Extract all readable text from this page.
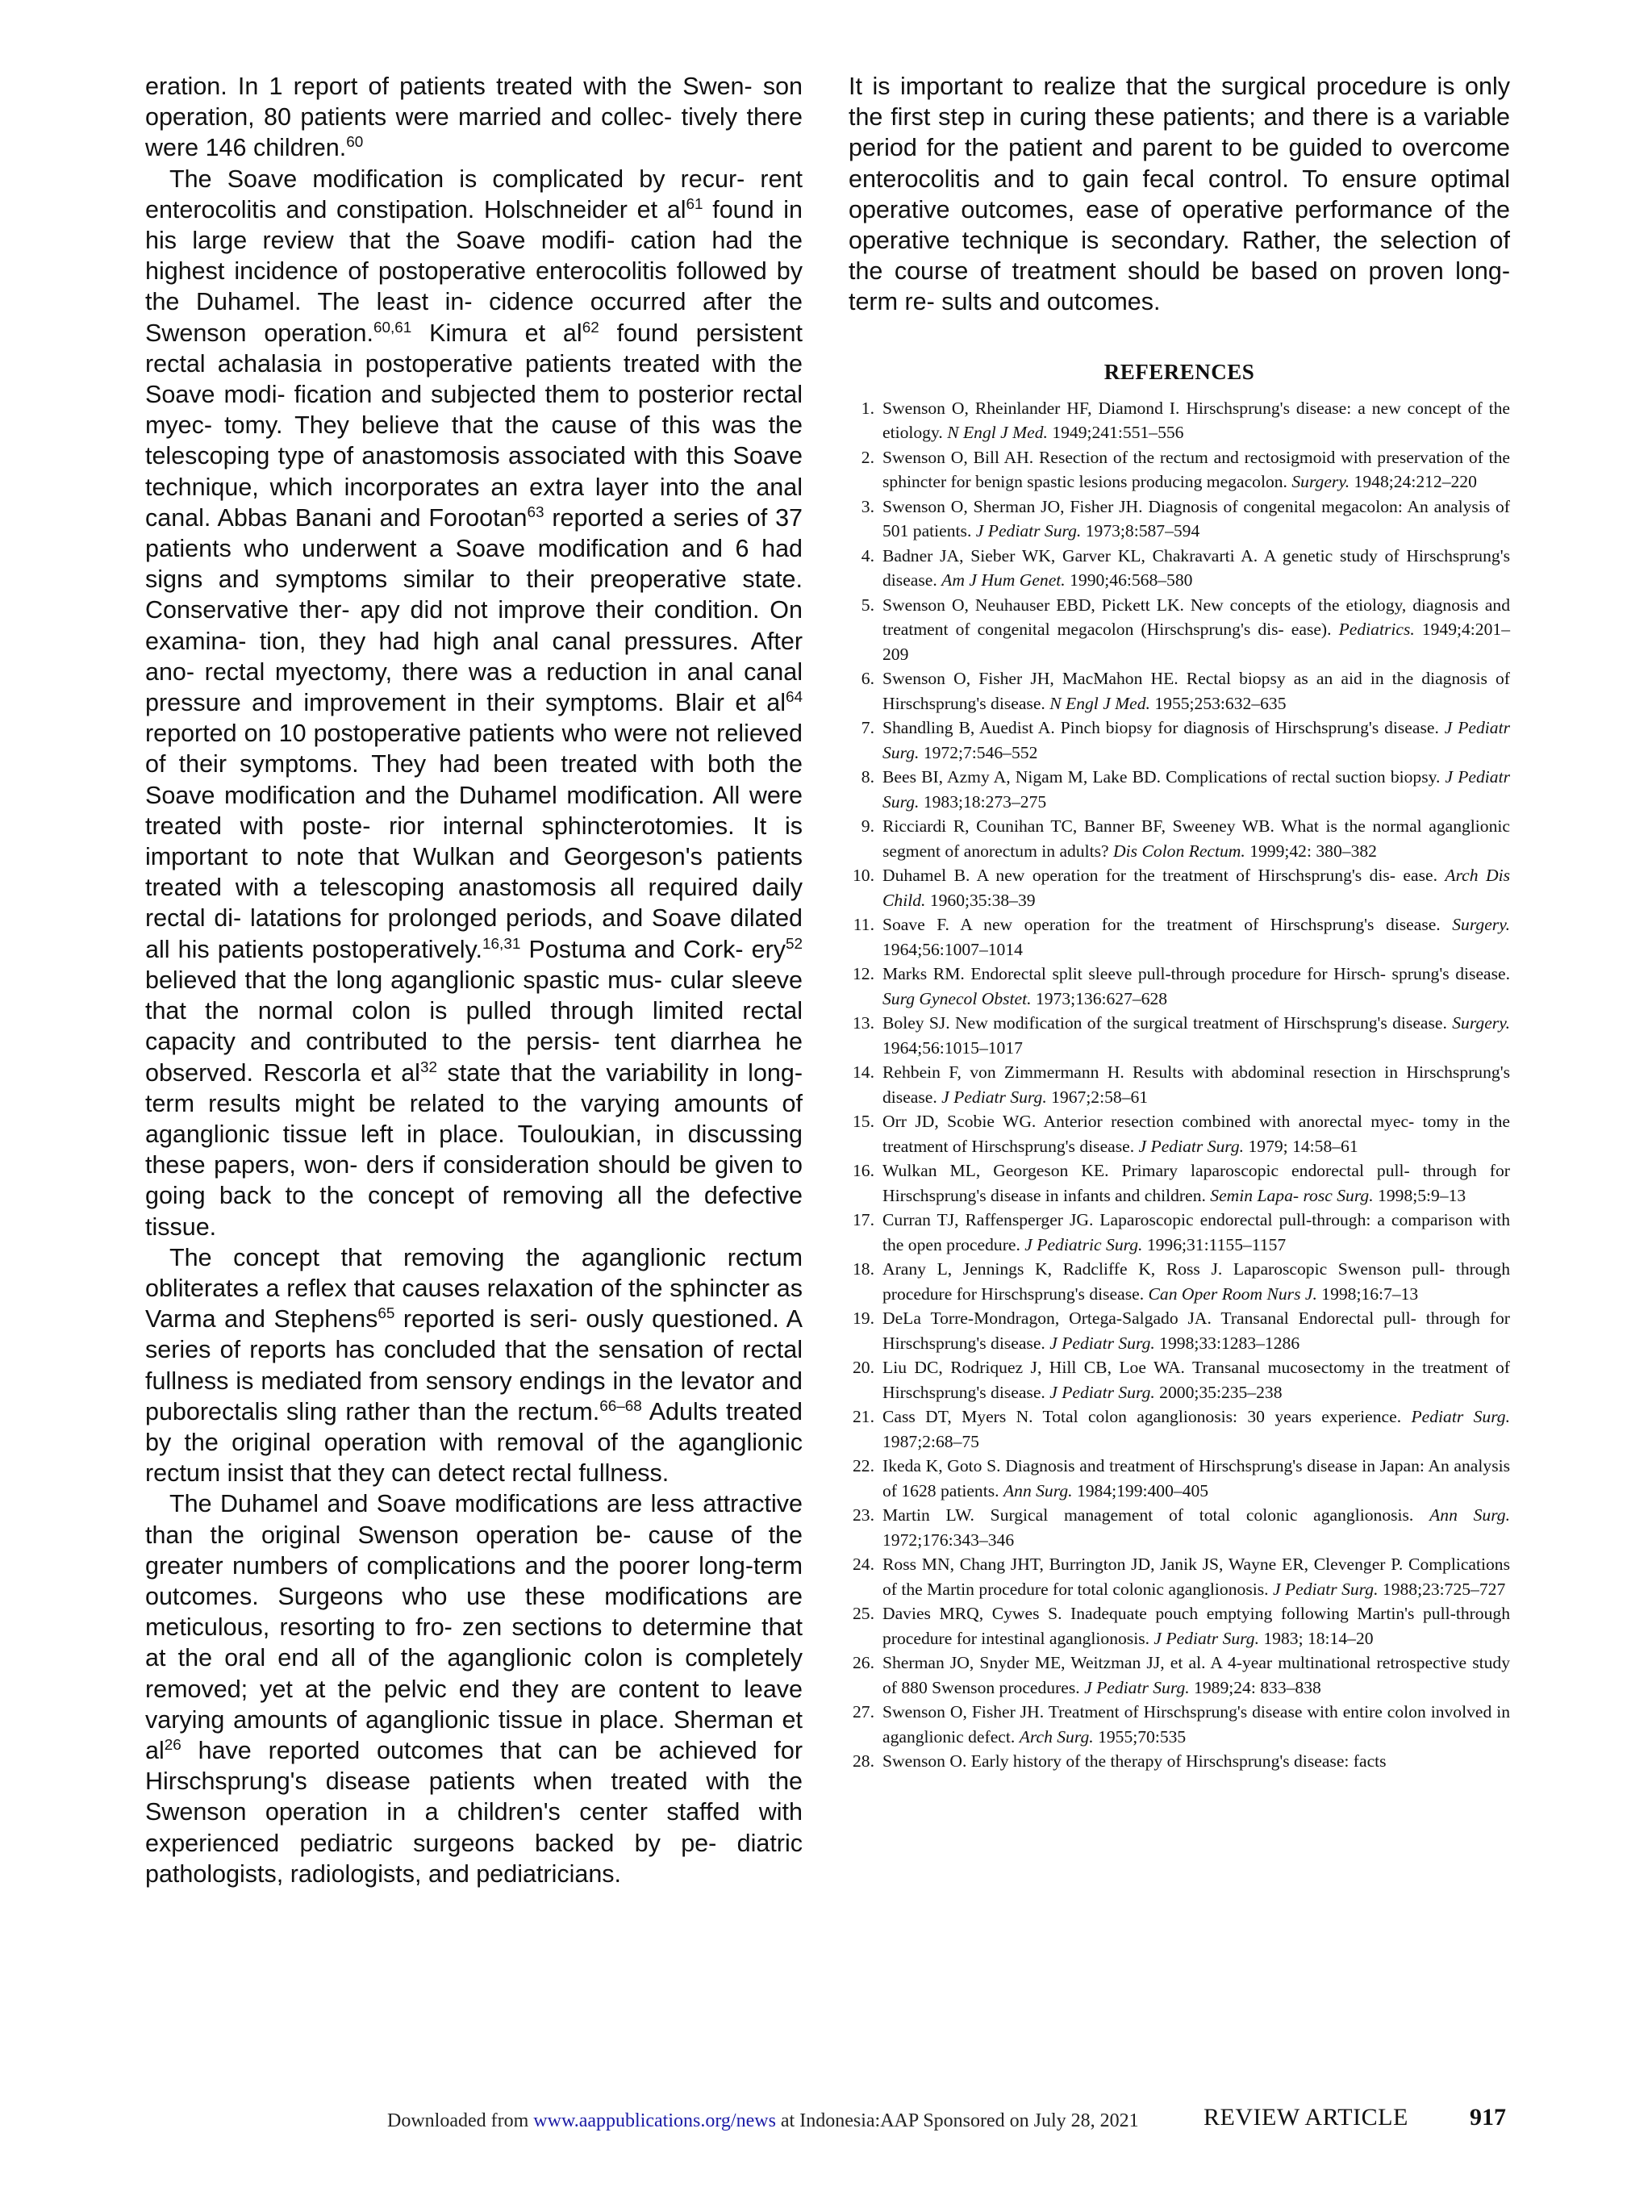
eration. In 1 report of patients treated with the Swen- son operation, 80 patients were married and collec- tively there were 146 children.$^{60}$

The Soave modification is complicated by recur- rent enterocolitis and constipation. Holschneider et $al^{61}$ found in his large review that the Soave modifi- cation had the highest incidence of postoperative enterocolitis followed by the Duhamel. The least in- cidence occurred after the Swenson operation.$^{60,61}$ Kimura et $al^{62}$ found persistent rectal achalasia in postoperative patients treated with the Soave modi- fication and subjected them to posterior rectal myec- tomy. They believe that the cause of this was the telescoping type of anastomosis associated with this Soave technique, which incorporates an extra layer into the anal canal. Abbas Banani and Forootan$^{63}$ reported a series of 37 patients who underwent a Soave modification and 6 had signs and symptoms similar to their preoperative state. Conservative ther- apy did not improve their condition. On examina- tion, they had high anal canal pressures. After ano- rectal myectomy, there was a reduction in anal canal pressure and improvement in their symptoms. Blair et $al^{64}$ reported on 10 postoperative patients who were not relieved of their symptoms. They had been treated with both the Soave modification and the Duhamel modification. All were treated with poste- rior internal sphincterotomies. It is important to note that Wulkan and Georgeson's patients treated with a telescoping anastomosis all required daily rectal di- latations for prolonged periods, and Soave dilated all his patients postoperatively.$^{16,31}$ Postuma and Cork- ery$^{52}$ believed that the long aganglionic spastic mus- cular sleeve that the normal colon is pulled through limited rectal capacity and contributed to the persis- tent diarrhea he observed. Rescorla et $al^{32}$ state that the variability in long-term results might be related to the varying amounts of aganglionic tissue left in place. Touloukian, in discussing these papers, won- ders if consideration should be given to going back to the concept of removing all the defective tissue.

The concept that removing the aganglionic rectum obliterates a reflex that causes relaxation of the sphincter as Varma and Stephens$^{65}$ reported is seri- ously questioned. A series of reports has concluded that the sensation of rectal fullness is mediated from sensory endings in the levator and puborectalis sling rather than the rectum.$^{66-68}$ Adults treated by the original operation with removal of the aganglionic rectum insist that they can detect rectal fullness.

The Duhamel and Soave modifications are less attractive than the original Swenson operation be- cause of the greater numbers of complications and the poorer long-term outcomes. Surgeons who use these modifications are meticulous, resorting to fro- zen sections to determine that at the oral end all of the aganglionic colon is completely removed; yet at the pelvic end they are content to leave varying amounts of aganglionic tissue in place. Sherman et $al^{26}$ have reported outcomes that can be achieved for Hirschsprung's disease patients when treated with the Swenson operation in a children's center staffed with experienced pediatric surgeons backed by pe- diatric pathologists, radiologists, and pediatricians.

It is important to realize that the surgical procedure is only the first step in curing these patients; and there is a variable period for the patient and parent to be guided to overcome enterocolitis and to gain fecal control. To ensure optimal operative outcomes, ease of operative performance of the operative technique is secondary. Rather, the selection of the course of treatment should be based on proven long-term re- sults and outcomes.

REFERENCES
1. Swenson O, Rheinlander HF, Diamond I. Hirschsprung's disease: a new concept of the etiology. N Engl J Med. 1949;241:551–556
2. Swenson O, Bill AH. Resection of the rectum and rectosigmoid with preservation of the sphincter for benign spastic lesions producing megacolon. Surgery. 1948;24:212–220
3. Swenson O, Sherman JO, Fisher JH. Diagnosis of congenital megacolon: An analysis of 501 patients. J Pediatr Surg. 1973;8:587–594
4. Badner JA, Sieber WK, Garver KL, Chakravarti A. A genetic study of Hirschsprung's disease. Am J Hum Genet. 1990;46:568–580
5. Swenson O, Neuhauser EBD, Pickett LK. New concepts of the etiology, diagnosis and treatment of congenital megacolon (Hirschsprung's dis- ease). Pediatrics. 1949;4:201–209
6. Swenson O, Fisher JH, MacMahon HE. Rectal biopsy as an aid in the diagnosis of Hirschsprung's disease. N Engl J Med. 1955;253:632–635
7. Shandling B, Auedist A. Pinch biopsy for diagnosis of Hirschsprung's disease. J Pediatr Surg. 1972;7:546–552
8. Bees BI, Azmy A, Nigam M, Lake BD. Complications of rectal suction biopsy. J Pediatr Surg. 1983;18:273–275
9. Ricciardi R, Counihan TC, Banner BF, Sweeney WB. What is the normal aganglionic segment of anorectum in adults? Dis Colon Rectum. 1999;42: 380–382
10. Duhamel B. A new operation for the treatment of Hirschsprung's dis- ease. Arch Dis Child. 1960;35:38–39
11. Soave F. A new operation for the treatment of Hirschsprung's disease. Surgery. 1964;56:1007–1014
12. Marks RM. Endorectal split sleeve pull-through procedure for Hirsch- sprung's disease. Surg Gynecol Obstet. 1973;136:627–628
13. Boley SJ. New modification of the surgical treatment of Hirschsprung's disease. Surgery. 1964;56:1015–1017
14. Rehbein F, von Zimmermann H. Results with abdominal resection in Hirschsprung's disease. J Pediatr Surg. 1967;2:58–61
15. Orr JD, Scobie WG. Anterior resection combined with anorectal myec- tomy in the treatment of Hirschsprung's disease. J Pediatr Surg. 1979; 14:58–61
16. Wulkan ML, Georgeson KE. Primary laparoscopic endorectal pull- through for Hirschsprung's disease in infants and children. Semin Lapa- rosc Surg. 1998;5:9–13
17. Curran TJ, Raffensperger JG. Laparoscopic endorectal pull-through: a comparison with the open procedure. J Pediatric Surg. 1996;31:1155–1157
18. Arany L, Jennings K, Radcliffe K, Ross J. Laparoscopic Swenson pull- through procedure for Hirschsprung's disease. Can Oper Room Nurs J. 1998;16:7–13
19. DeLa Torre-Mondragon, Ortega-Salgado JA. Transanal Endorectal pull- through for Hirschsprung's disease. J Pediatr Surg. 1998;33:1283–1286
20. Liu DC, Rodriquez J, Hill CB, Loe WA. Transanal mucosectomy in the treatment of Hirschsprung's disease. J Pediatr Surg. 2000;35:235–238
21. Cass DT, Myers N. Total colon aganglionosis: 30 years experience. Pediatr Surg. 1987;2:68–75
22. Ikeda K, Goto S. Diagnosis and treatment of Hirschsprung's disease in Japan: An analysis of 1628 patients. Ann Surg. 1984;199:400–405
23. Martin LW. Surgical management of total colonic aganglionosis. Ann Surg. 1972;176:343–346
24. Ross MN, Chang JHT, Burrington JD, Janik JS, Wayne ER, Clevenger P. Complications of the Martin procedure for total colonic aganglionosis. J Pediatr Surg. 1988;23:725–727
25. Davies MRQ, Cywes S. Inadequate pouch emptying following Martin's pull-through procedure for intestinal aganglionosis. J Pediatr Surg. 1983; 18:14–20
26. Sherman JO, Snyder ME, Weitzman JJ, et al. A 4-year multinational retrospective study of 880 Swenson procedures. J Pediatr Surg. 1989;24: 833–838
27. Swenson O, Fisher JH. Treatment of Hirschsprung's disease with entire colon involved in aganglionic defect. Arch Surg. 1955;70:535
28. Swenson O. Early history of the therapy of Hirschsprung's disease: facts
Downloaded from www.aappublications.org/news at Indonesia:AAP Sponsored on July 28, 2021	REVIEW ARTICLE	917
